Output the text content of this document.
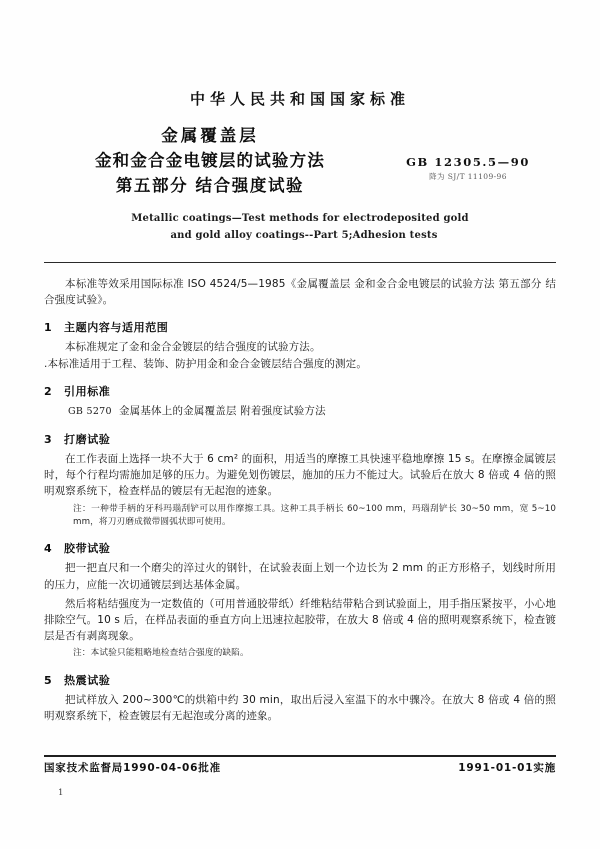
中华人民共和国国家标准
金属覆盖层
金和金合金电镀层的试验方法
第五部分 结合强度试验
GB 12305.5—90
降为 SJ/T 11109-96
Metallic coatings—Test methods for electrodeposited gold
and gold alloy coatings--Part 5;Adhesion tests
本标准等效采用国际标准 ISO 4524/5—1985《金属覆盖层 金和金合金电镀层的试验方法 第五部分 结合强度试验》。
1 主题内容与适用范围
本标准规定了金和金合金镀层的结合强度的试验方法。
.本标准适用于工程、装饰、防护用金和金合金镀层结合强度的测定。
2 引用标准
GB 5270 金属基体上的金属覆盖层 附着强度试验方法
3 打磨试验
在工作表面上选择一块不大于 6 cm² 的面积，用适当的摩擦工具快速平稳地摩擦 15 s。在摩擦金属镀层时，每个行程均需施加足够的压力。为避免划伤镀层，施加的压力不能过大。试验后在放大 8 倍或 4 倍的照明观察系统下，检查样品的镀层有无起泡的迹象。
注：一种带手柄的牙科玛瑙刮铲可以用作摩擦工具。这种工具手柄长 60~100 mm，玛瑙刮铲长 30~50 mm，宽 5~10 mm，将刀刃磨成微带圆弧状即可使用。
4 胶带试验
把一把直尺和一个磨尖的淬过火的钢针，在试验表面上划一个边长为 2 mm 的正方形格子，划线时所用的压力，应能一次切通镀层到达基体金属。
然后将粘结强度为一定数值的（可用普通胶带纸）纤维粘结带粘合到试验面上，用手指压紧按平，小心地排除空气。10 s 后，在样品表面的垂直方向上迅速拉起胶带，在放大 8 倍或 4 倍的照明观察系统下，检查镀层是否有剥离现象。
注：本试验只能粗略地检查结合强度的缺陷。
5 热震试验
把试样放入 200~300℃的烘箱中约 30 min，取出后浸入室温下的水中骤冷。在放大 8 倍或 4 倍的照明观察系统下，检查镀层有无起泡或分离的迹象。
国家技术监督局1990-04-06批准	1991-01-01实施
1
